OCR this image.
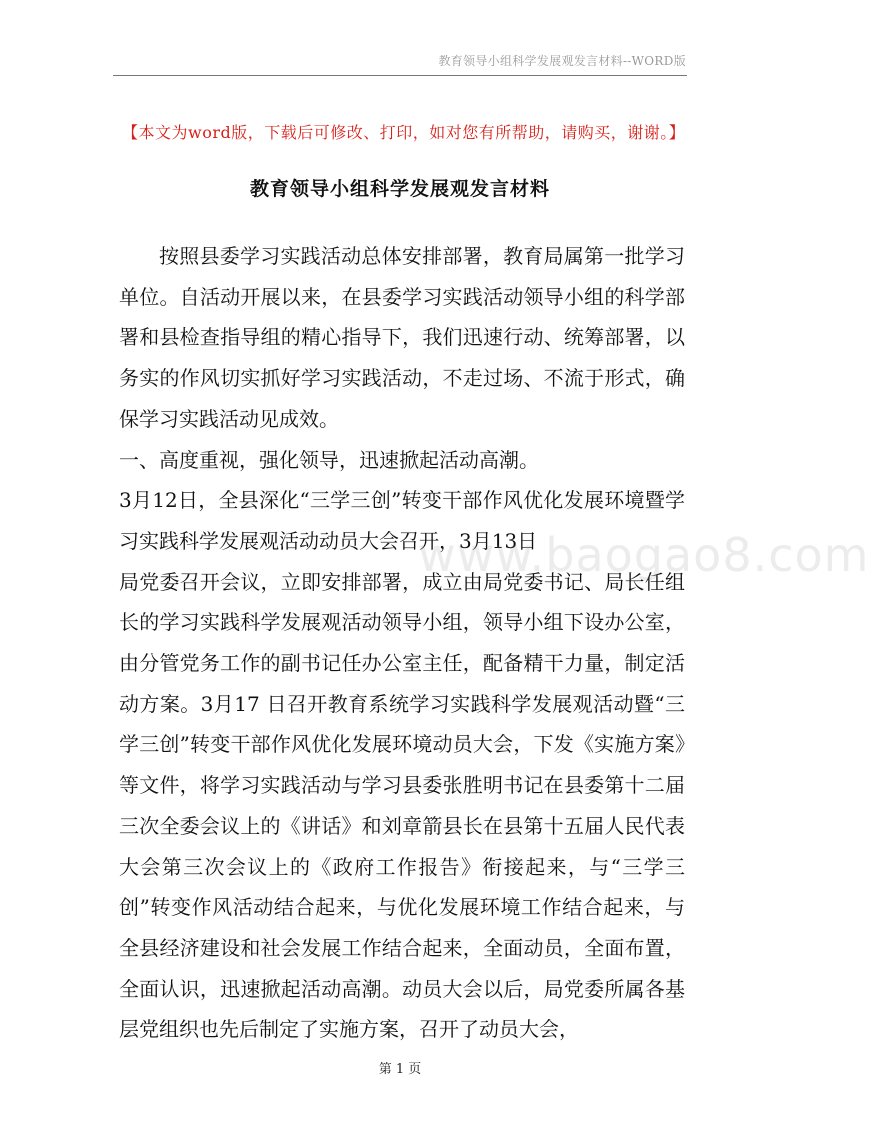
教育领导小组科学发展观发言材料--WORD版
【本文为word版，下载后可修改、打印，如对您有所帮助，请购买，谢谢。】
教育领导小组科学发展观发言材料

按照县委学习实践活动总体安排部署，教育局属第一批学习单位。自活动开展以来，在县委学习实践活动领导小组的科学部署和县检查指导组的精心指导下，我们迅速行动、统筹部署，以务实的作风切实抓好学习实践活动，不走过场、不流于形式，确保学习实践活动见成效。

一、高度重视，强化领导，迅速掀起活动高潮。

3月12日，全县深化“三学三创”转变干部作风优化发展环境暨学习实践科学发展观活动动员大会召开，3月13日

局党委召开会议，立即安排部署，成立由局党委书记、局长任组长的学习实践科学发展观活动领导小组，领导小组下设办公室，由分管党务工作的副书记任办公室主任，配备精干力量，制定活动方案。3月17 日召开教育系统学习实践科学发展观活动暨“三学三创”转变干部作风优化发展环境动员大会，下发《实施方案》等文件，将学习实践活动与学习县委张胜明书记在县委第十二届三次全委会议上的《讲话》和刘章箭县长在县第十五届人民代表大会第三次会议上的《政府工作报告》衔接起来，与“三学三创”转变作风活动结合起来，与优化发展环境工作结合起来，与全县经济建设和社会发展工作结合起来，全面动员，全面布置，全面认识，迅速掀起活动高潮。动员大会以后，局党委所属各基层党组织也先后制定了实施方案，召开了动员大会，

www.baogao8.com
第 1 页
